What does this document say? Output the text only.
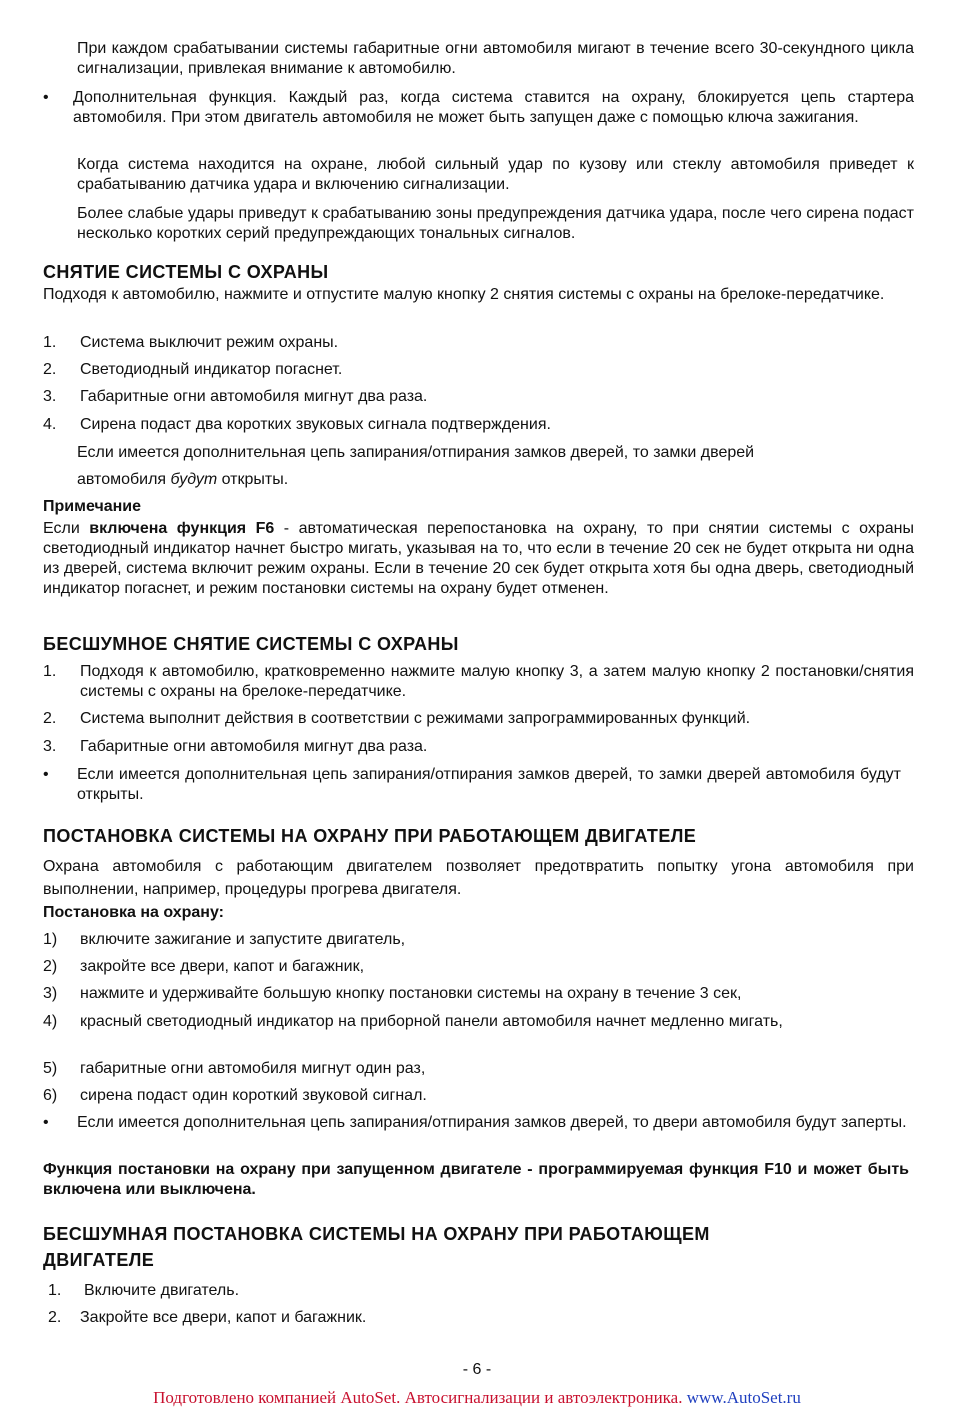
При каждом срабатывании системы габаритные огни автомобиля мигают в течение всего 30-секундного цикла сигнализации, привлекая внимание к автомобилю.

• Дополнительная функция. Каждый раз, когда система ставится на охрану, блокируется цепь стартера автомобиля. При этом двигатель автомобиля не может быть запущен даже с помощью ключа зажигания.

Когда система находится на охране, любой сильный удар по кузову или стеклу автомобиля приведет к срабатыванию датчика удара и включению сигнализации.

Более слабые удары приведут к срабатыванию зоны предупреждения датчика удара, после чего сирена подаст несколько коротких серий предупреждающих тональных сигналов.

СНЯТИЕ СИСТЕМЫ С ОХРАНЫ

Подходя к автомобилю, нажмите и отпустите малую кнопку 2 снятия системы с охраны на брелоке-передатчике.

1. Система выключит режим охраны.
2. Светодиодный индикатор погаснет.
3. Габаритные огни автомобиля мигнут два раза.
4. Сирена подаст два коротких звуковых сигнала подтверждения.

Если имеется дополнительная цепь запирания/отпирания замков дверей, то замки дверей

автомобиля будут открыты.

Примечание

Если включена функция F6 - автоматическая перепостановка на охрану, то при снятии системы с охраны светодиодный индикатор начнет быстро мигать, указывая на то, что если в течение 20 сек не будет открыта ни одна из дверей, система включит режим охраны. Если в течение 20 сек будет открыта хотя бы одна дверь, светодиодный индикатор погаснет, и режим постановки системы на охрану будет отменен.

БЕСШУМНОЕ СНЯТИЕ СИСТЕМЫ С ОХРАНЫ
1. Подходя к автомобилю, кратковременно нажмите малую кнопку 3, а затем малую кнопку 2 постановки/снятия системы с охраны на брелоке-передатчике.
2. Система выполнит действия в соответствии с режимами запрограммированных функций.
3. Габаритные огни автомобиля мигнут два раза.
• Если имеется дополнительная цепь запирания/отпирания замков дверей, то замки дверей автомобиля будут открыты.
ПОСТАНОВКА СИСТЕМЫ НА ОХРАНУ ПРИ РАБОТАЮЩЕМ ДВИГАТЕЛЕ

Охрана автомобиля с работающим двигателем позволяет предотвратить попытку угона автомобиля при выполнении, например, процедуры прогрева двигателя.

Постановка на охрану:

1) включите зажигание и запустите двигатель,
2) закройте все двери, капот и багажник,
3) нажмите и удерживайте большую кнопку постановки системы на охрану в течение 3 сек,
4) красный светодиодный индикатор на приборной панели автомобиля начнет медленно мигать,
5) габаритные огни автомобиля мигнут один раз,
6) сирена подаст один короткий звуковой сигнал.
• Если имеется дополнительная цепь запирания/отпирания замков дверей, то двери автомобиля будут заперты.

Функция постановки на охрану при запущенном двигателе - программируемая функция F10 и может быть включена или выключена.

БЕСШУМНАЯ ПОСТАНОВКА СИСТЕМЫ НА ОХРАНУ ПРИ РАБОТАЮЩЕМ
ДВИГАТЕЛЕ
1. Включите двигатель.
2. Закройте все двери, капот и багажник.

- 6 -

Подготовлено компанией AutoSet. Автосигнализации и автоэлектроника. www.AutoSet.ru
